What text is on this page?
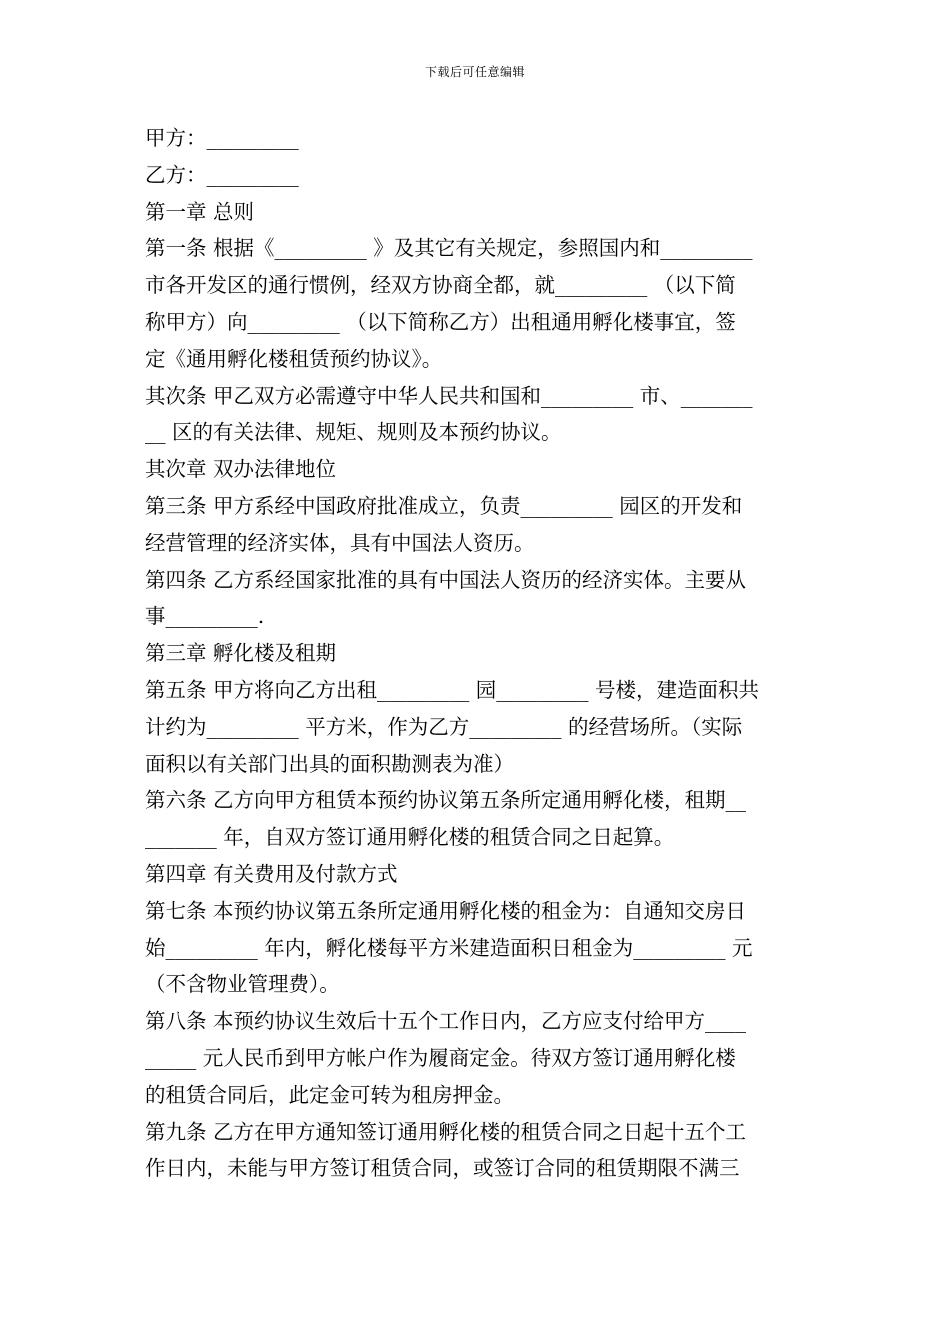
下载后可任意编辑
甲方：_________
乙方：_________
第一章 总则
第一条 根据《_________ 》及其它有关规定，参照国内和_________
市各开发区的通行惯例，经双方协商全都，就_________ （以下简
称甲方）向_________ （以下简称乙方）出租通用孵化楼事宜，签
定《通用孵化楼租赁预约协议》。
其次条 甲乙双方必需遵守中华人民共和国和_________ 市、_______
__ 区的有关法律、规矩、规则及本预约协议。
其次章 双办法律地位
第三条 甲方系经中国政府批准成立，负责_________ 园区的开发和
经营管理的经济实体，具有中国法人资历。
第四条 乙方系经国家批准的具有中国法人资历的经济实体。主要从
事_________.
第三章 孵化楼及租期
第五条 甲方将向乙方出租_________ 园_________ 号楼，建造面积共
计约为_________ 平方米，作为乙方_________ 的经营场所。（实际
面积以有关部门出具的面积勘测表为准）
第六条 乙方向甲方租赁本预约协议第五条所定通用孵化楼，租期__
_______ 年，自双方签订通用孵化楼的租赁合同之日起算。
第四章 有关费用及付款方式
第七条 本预约协议第五条所定通用孵化楼的租金为：自通知交房日
始_________ 年内，孵化楼每平方米建造面积日租金为_________ 元
（不含物业管理费）。
第八条 本预约协议生效后十五个工作日内，乙方应支付给甲方____
_____ 元人民币到甲方帐户作为履商定金。待双方签订通用孵化楼
的租赁合同后，此定金可转为租房押金。
第九条 乙方在甲方通知签订通用孵化楼的租赁合同之日起十五个工
作日内，未能与甲方签订租赁合同，或签订合同的租赁期限不满三
